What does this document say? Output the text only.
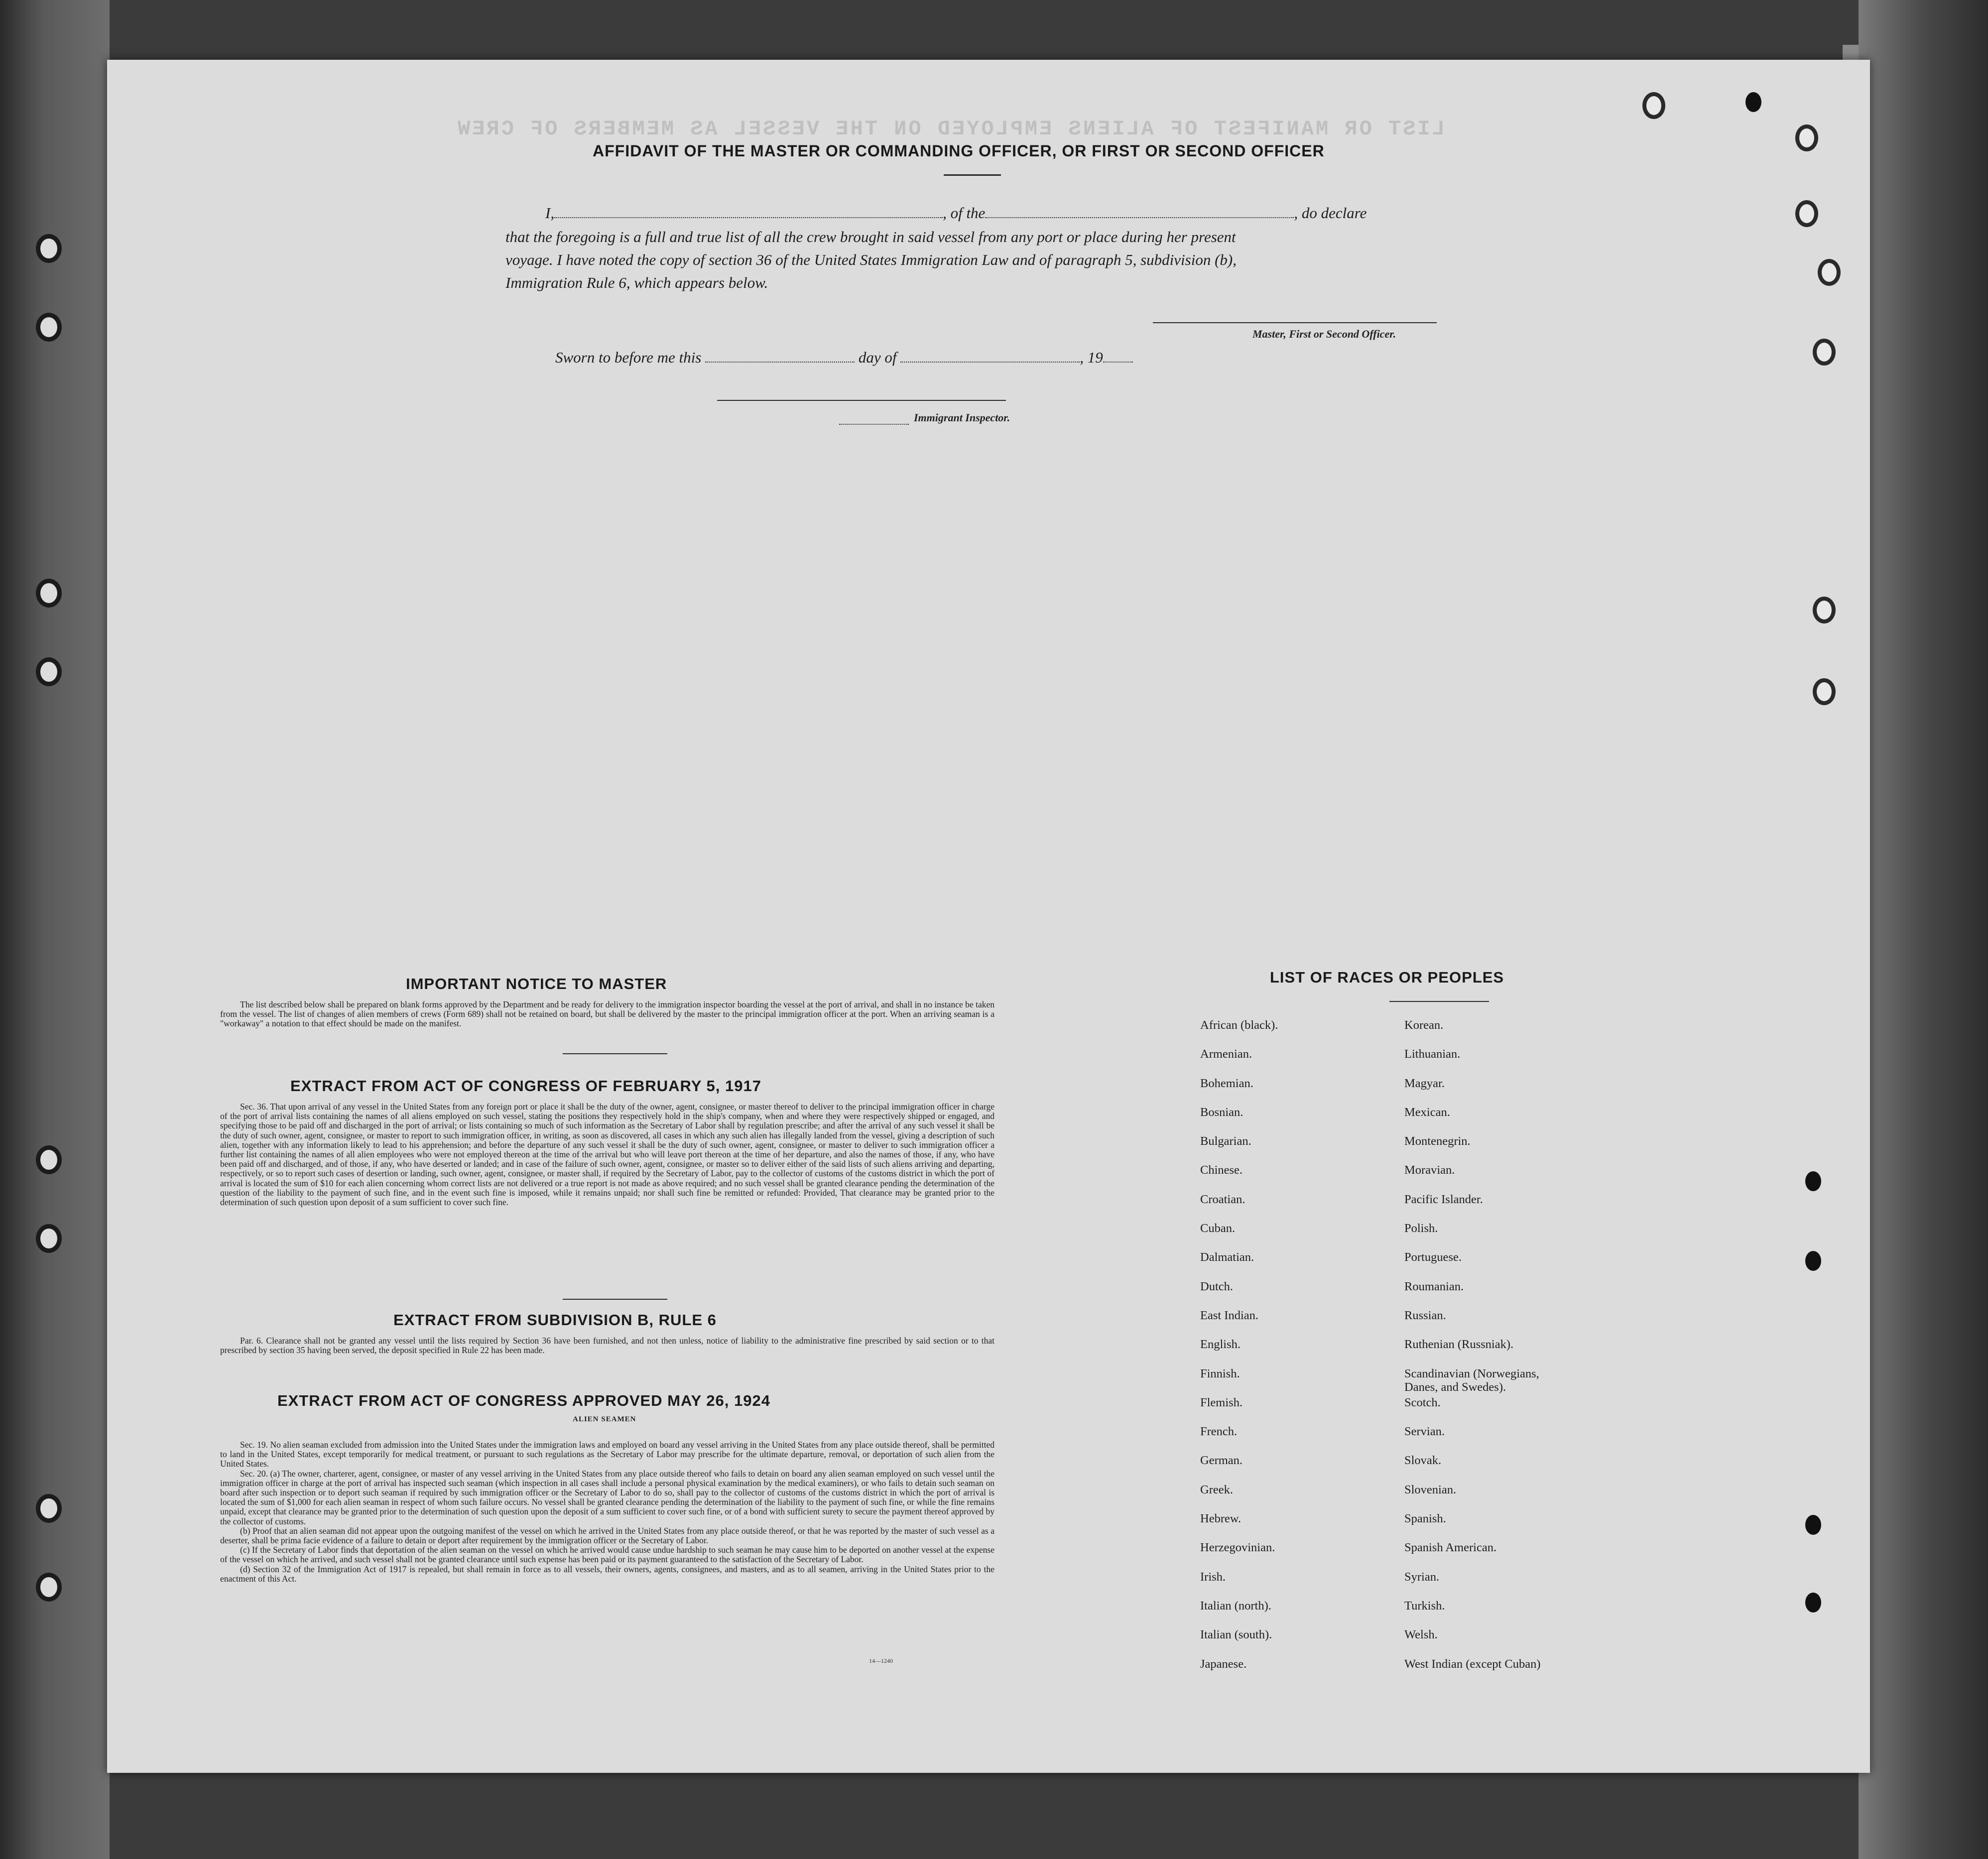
LIST OR MANIFEST OF ALIENS EMPLOYED ON THE VESSEL AS MEMBERS OF CREW
AFFIDAVIT OF THE MASTER OR COMMANDING OFFICER, OR FIRST OR SECOND OFFICER
I,	, of the	, do declare
that the foregoing is a full and true list of all the crew brought in said vessel from any port or place during her present
voyage. I have noted the copy of section 36 of the United States Immigration Law and of paragraph 5, subdivision (b),
Immigration Rule 6, which appears below.
Master, First or Second Officer.
Sworn to before me this	day of	, 19
Immigrant Inspector.
IMPORTANT NOTICE TO MASTER

The list described below shall be prepared on blank forms approved by the Department and be ready for delivery to the immigration inspector boarding the vessel at the port of arrival, and shall in no instance be taken from the vessel. The list of changes of alien members of crews (Form 689) shall not be retained on board, but shall be delivered by the master to the principal immigration officer at the port. When an arriving seaman is a "workaway" a notation to that effect should be made on the manifest.

EXTRACT FROM ACT OF CONGRESS OF FEBRUARY 5, 1917

Sec. 36. That upon arrival of any vessel in the United States from any foreign port or place it shall be the duty of the owner, agent, consignee, or master thereof to deliver to the principal immigration officer in charge of the port of arrival lists containing the names of all aliens employed on such vessel, stating the positions they respectively hold in the ship's company, when and where they were respectively shipped or engaged, and specifying those to be paid off and discharged in the port of arrival; or lists containing so much of such information as the Secretary of Labor shall by regulation prescribe; and after the arrival of any such vessel it shall be the duty of such owner, agent, consignee, or master to report to such immigration officer, in writing, as soon as discovered, all cases in which any such alien has illegally landed from the vessel, giving a description of such alien, together with any information likely to lead to his apprehension; and before the departure of any such vessel it shall be the duty of such owner, agent, consignee, or master to deliver to such immigration officer a further list containing the names of all alien employees who were not employed thereon at the time of the arrival but who will leave port thereon at the time of her departure, and also the names of those, if any, who have been paid off and discharged, and of those, if any, who have deserted or landed; and in case of the failure of such owner, agent, consignee, or master so to deliver either of the said lists of such aliens arriving and departing, respectively, or so to report such cases of desertion or landing, such owner, agent, consignee, or master shall, if required by the Secretary of Labor, pay to the collector of customs of the customs district in which the port of arrival is located the sum of $10 for each alien concerning whom correct lists are not delivered or a true report is not made as above required; and no such vessel shall be granted clearance pending the determination of the question of the liability to the payment of such fine, and in the event such fine is imposed, while it remains unpaid; nor shall such fine be remitted or refunded: Provided, That clearance may be granted prior to the determination of such question upon deposit of a sum sufficient to cover such fine.

EXTRACT FROM SUBDIVISION B, RULE 6

Par. 6. Clearance shall not be granted any vessel until the lists required by Section 36 have been furnished, and not then unless, notice of liability to the administrative fine prescribed by said section or to that prescribed by section 35 having been served, the deposit specified in Rule 22 has been made.

EXTRACT FROM ACT OF CONGRESS APPROVED MAY 26, 1924
ALIEN SEAMEN

Sec. 19. No alien seaman excluded from admission into the United States under the immigration laws and employed on board any vessel arriving in the United States from any place outside thereof, shall be permitted to land in the United States, except temporarily for medical treatment, or pursuant to such regulations as the Secretary of Labor may prescribe for the ultimate departure, removal, or deportation of such alien from the United States.

Sec. 20. (a) The owner, charterer, agent, consignee, or master of any vessel arriving in the United States from any place outside thereof who fails to detain on board any alien seaman employed on such vessel until the immigration officer in charge at the port of arrival has inspected such seaman (which inspection in all cases shall include a personal physical examination by the medical examiners), or who fails to detain such seaman on board after such inspection or to deport such seaman if required by such immigration officer or the Secretary of Labor to do so, shall pay to the collector of customs of the customs district in which the port of arrival is located the sum of $1,000 for each alien seaman in respect of whom such failure occurs. No vessel shall be granted clearance pending the determination of the liability to the payment of such fine, or while the fine remains unpaid, except that clearance may be granted prior to the determination of such question upon the deposit of a sum sufficient to cover such fine, or of a bond with sufficient surety to secure the payment thereof approved by the collector of customs.

(b) Proof that an alien seaman did not appear upon the outgoing manifest of the vessel on which he arrived in the United States from any place outside thereof, or that he was reported by the master of such vessel as a deserter, shall be prima facie evidence of a failure to detain or deport after requirement by the immigration officer or the Secretary of Labor.

(c) If the Secretary of Labor finds that deportation of the alien seaman on the vessel on which he arrived would cause undue hardship to such seaman he may cause him to be deported on another vessel at the expense of the vessel on which he arrived, and such vessel shall not be granted clearance until such expense has been paid or its payment guaranteed to the satisfaction of the Secretary of Labor.

(d) Section 32 of the Immigration Act of 1917 is repealed, but shall remain in force as to all vessels, their owners, agents, consignees, and masters, and as to all seamen, arriving in the United States prior to the enactment of this Act.

14—1240
LIST OF RACES OR PEOPLES
African (black).
Armenian.
Bohemian.
Bosnian.
Bulgarian.
Chinese.
Croatian.
Cuban.
Dalmatian.
Dutch.
East Indian.
English.
Finnish.
Flemish.
French.
German.
Greek.
Hebrew.
Herzegovinian.
Irish.
Italian (north).
Italian (south).
Japanese.
Korean.
Lithuanian.
Magyar.
Mexican.
Montenegrin.
Moravian.
Pacific Islander.
Polish.
Portuguese.
Roumanian.
Russian.
Ruthenian (Russniak).
Scandinavian (Norwegians, Danes, and Swedes).
Scotch.
Servian.
Slovak.
Slovenian.
Spanish.
Spanish American.
Syrian.
Turkish.
Welsh.
West Indian (except Cuban)
